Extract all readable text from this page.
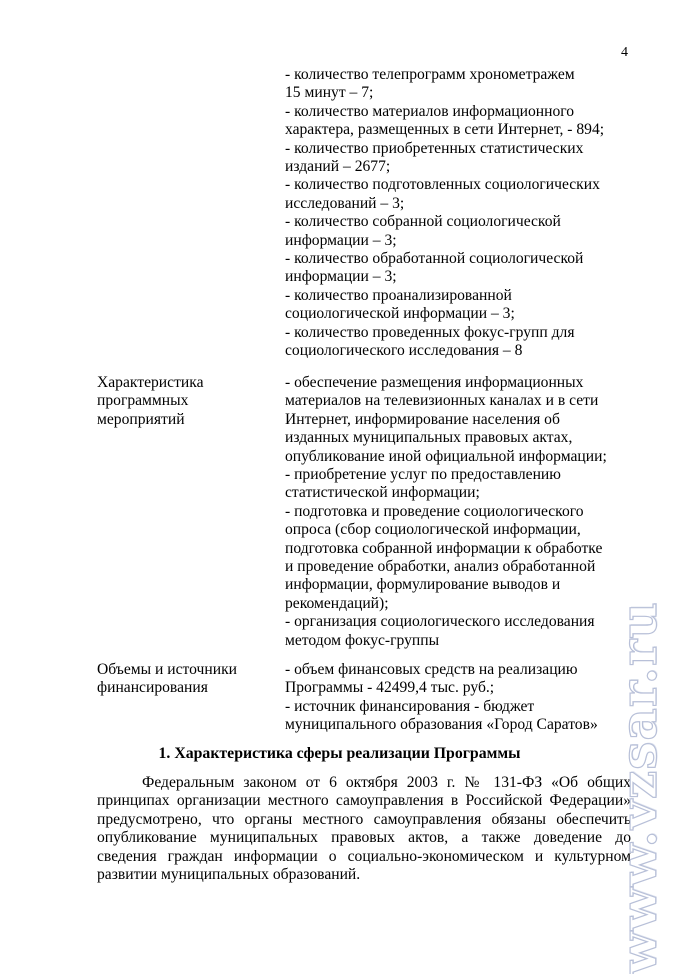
4
- количество телепрограмм хронометражем
15 минут – 7;
- количество материалов информационного
характера, размещенных в сети Интернет, - 894;
- количество приобретенных статистических
изданий – 2677;
- количество подготовленных социологических
исследований – 3;
- количество собранной социологической
информации – 3;
- количество обработанной социологической
информации – 3;
- количество проанализированной
социологической информации – 3;
- количество проведенных фокус-групп для
социологического исследования – 8
Характеристика
программных
мероприятий
- обеспечение размещения информационных
материалов на телевизионных каналах и в сети
Интернет, информирование населения об
изданных муниципальных правовых актах,
опубликование иной официальной информации;
- приобретение услуг по предоставлению
статистической информации;
- подготовка и проведение социологического
опроса (сбор социологической информации,
подготовка собранной информации к обработке
и проведение обработки, анализ обработанной
информации, формулирование выводов и
рекомендаций);
- организация социологического исследования
методом фокус-группы
Объемы и источники
финансирования
- объем финансовых средств на реализацию
Программы - 42499,4 тыс. руб.;
- источник финансирования - бюджет
муниципального образования «Город Саратов»
1. Характеристика сферы реализации Программы
Федеральным законом от 6 октября 2003 г. № 131-ФЗ «Об общих
принципах организации местного самоуправления в Российской Федерации»
предусмотрено, что органы местного самоуправления обязаны обеспечить
опубликование муниципальных правовых актов, а также доведение до
сведения граждан информации о социально-экономическом и культурном
развитии муниципальных образований.	www.vzsar.ru
